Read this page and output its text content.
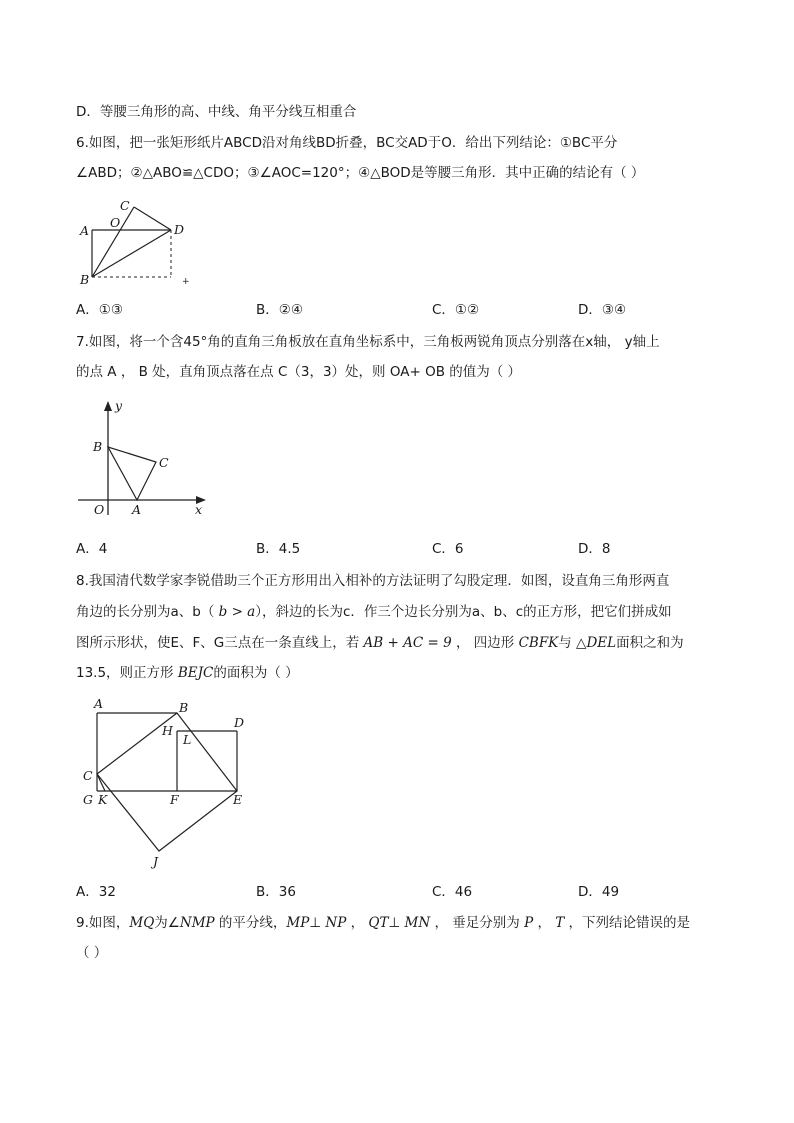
D．等腰三角形的高、中线、角平分线互相重合
6.如图，把一张矩形纸片ABCD沿对角线BD折叠，BC交AD于O．给出下列结论：①BC平分
∠ABD；②△ABO≌△CDO；③∠AOC=120°；④△BOD是等腰三角形．其中正确的结论有（ ）
C
O
A	D
B	+
A．①③	B．②④	C．①②	D．③④
7.如图，将一个含45°角的直角三角板放在直角坐标系中，三角板两锐角顶点分别落在x轴， y轴上
的点 A ， B 处，直角顶点落在点 C（3，3）处，则 OA+ OB 的值为（ ）
y
x
O A
B
C
A．4	B．4.5	C．6	D．8
8.我国清代数学家李锐借助三个正方形用出入相补的方法证明了勾股定理．如图，设直角三角形两直
角边的长分别为a、b（ b > a），斜边的长为c．作三个边长分别为a、b、c的正方形，把它们拼成如
图所示形状，使E、F、G三点在一条直线上，若 AB + AC = 9 ， 四边形 CBFK与 △DEL面积之和为
13.5，则正方形 BEJC的面积为（ ）
A	B
D
H
L
C
G K	F	E
J
A．32	B．36	C．46	D．49
9.如图，MQ为∠NMP 的平分线，MP⊥ NP ， QT⊥ MN ， 垂足分别为 P ， T ，下列结论错误的是
（ ）
